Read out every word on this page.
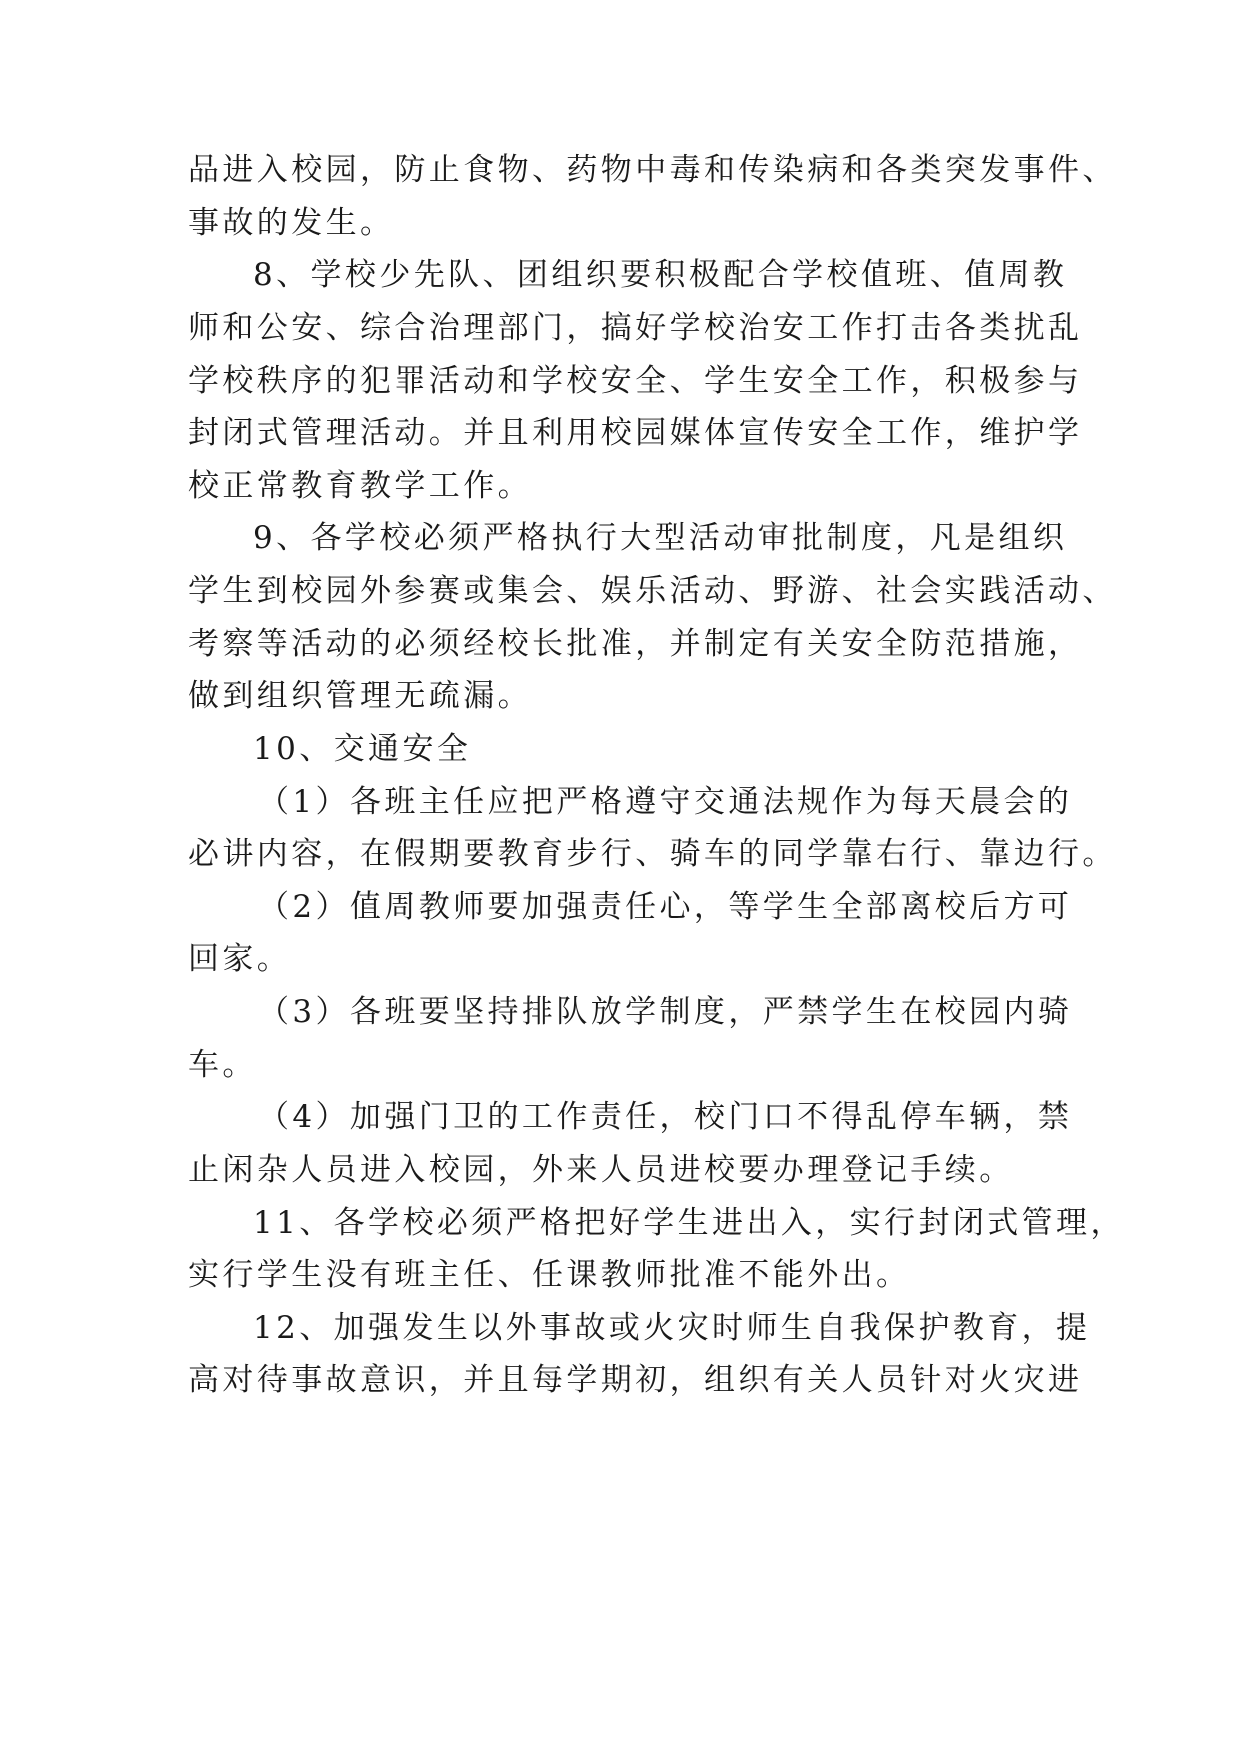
品进入校园，防止食物、药物中毒和传染病和各类突发事件、
事故的发生。
8、学校少先队、团组织要积极配合学校值班、值周教
师和公安、综合治理部门，搞好学校治安工作打击各类扰乱
学校秩序的犯罪活动和学校安全、学生安全工作，积极参与
封闭式管理活动。并且利用校园媒体宣传安全工作，维护学
校正常教育教学工作。
9、各学校必须严格执行大型活动审批制度，凡是组织
学生到校园外参赛或集会、娱乐活动、野游、社会实践活动、
考察等活动的必须经校长批准，并制定有关安全防范措施，
做到组织管理无疏漏。
10、交通安全
（1）各班主任应把严格遵守交通法规作为每天晨会的
必讲内容，在假期要教育步行、骑车的同学靠右行、靠边行。
（2）值周教师要加强责任心，等学生全部离校后方可
回家。
（3）各班要坚持排队放学制度，严禁学生在校园内骑
车。
（4）加强门卫的工作责任，校门口不得乱停车辆，禁
止闲杂人员进入校园，外来人员进校要办理登记手续。
11、各学校必须严格把好学生进出入，实行封闭式管理，
实行学生没有班主任、任课教师批准不能外出。
12、加强发生以外事故或火灾时师生自我保护教育，提
高对待事故意识，并且每学期初，组织有关人员针对火灾进
